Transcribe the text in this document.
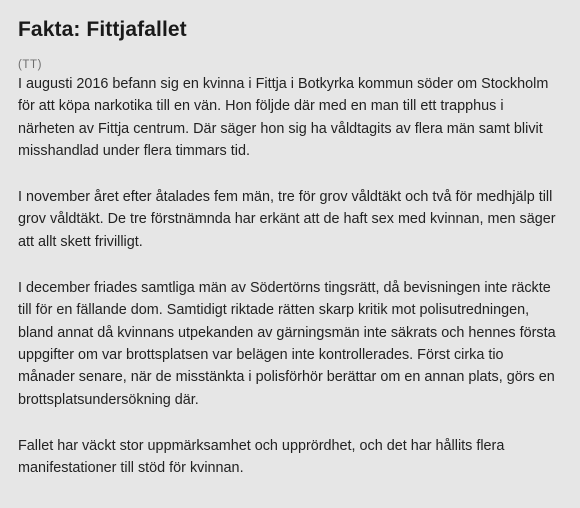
Fakta: Fittjafallet
(TT)

I augusti 2016 befann sig en kvinna i Fittja i Botkyrka kommun söder om Stockholm för att köpa narkotika till en vän. Hon följde där med en man till ett trapphus i närheten av Fittja centrum. Där säger hon sig ha våldtagits av flera män samt blivit misshandlad under flera timmars tid.

I november året efter åtalades fem män, tre för grov våldtäkt och två för medhjälp till grov våldtäkt. De tre förstnämnda har erkänt att de haft sex med kvinnan, men säger att allt skett frivilligt.

I december friades samtliga män av Södertörns tingsrätt, då bevisningen inte räckte till för en fällande dom. Samtidigt riktade rätten skarp kritik mot polisutredningen, bland annat då kvinnans utpekanden av gärningsmän inte säkrats och hennes första uppgifter om var brottsplatsen var belägen inte kontrollerades. Först cirka tio månader senare, när de misstänkta i polisförhör berättar om en annan plats, görs en brottsplatsundersökning där.

Fallet har väckt stor uppmärksamhet och upprördhet, och det har hållits flera manifestationer till stöd för kvinnan.
